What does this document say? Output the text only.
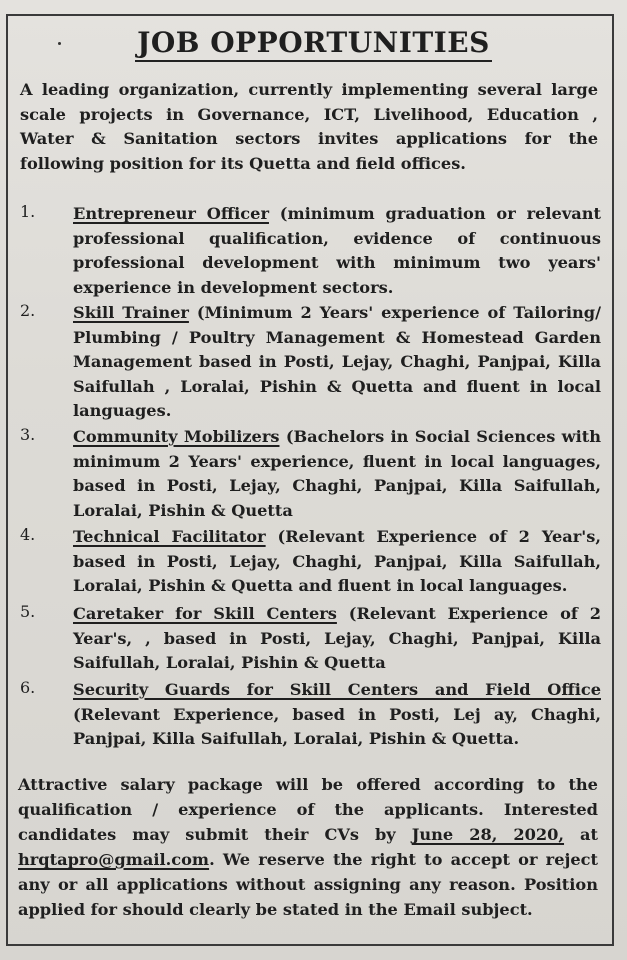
JOB OPPORTUNITIES

A leading organization, currently implementing several large scale projects in Governance, ICT, Livelihood, Education , Water & Sanitation sectors invites applications for the following position for its Quetta and field offices.

1. Entrepreneur Officer (minimum graduation or relevant professional qualification, evidence of continuous professional development with minimum two years' experience in development sectors.

2. Skill Trainer (Minimum 2 Years' experience of Tailoring/ Plumbing / Poultry Management & Homestead Garden Management based in Posti, Lejay, Chaghi, Panjpai, Killa Saifullah , Loralai, Pishin & Quetta and fluent in local languages.

3. Community Mobilizers (Bachelors in Social Sciences with minimum 2 Years' experience, fluent in local languages, based in Posti, Lejay, Chaghi, Panjpai, Killa Saifullah, Loralai, Pishin & Quetta

4. Technical Facilitator (Relevant Experience of 2 Year's, based in Posti, Lejay, Chaghi, Panjpai, Killa Saifullah, Loralai, Pishin & Quetta and fluent in local languages.

5. Caretaker for Skill Centers (Relevant Experience of 2 Year's, , based in Posti, Lejay, Chaghi, Panjpai, Killa Saifullah, Loralai, Pishin & Quetta

6. Security Guards for Skill Centers and Field Office (Relevant Experience, based in Posti, Lej ay, Chaghi, Panjpai, Killa Saifullah, Loralai, Pishin & Quetta.

Attractive salary package will be offered according to the qualification / experience of the applicants. Interested candidates may submit their CVs by June 28, 2020, at hrqtapro@gmail.com. We reserve the right to accept or reject any or all applications without assigning any reason. Position applied for should clearly be stated in the Email subject.
